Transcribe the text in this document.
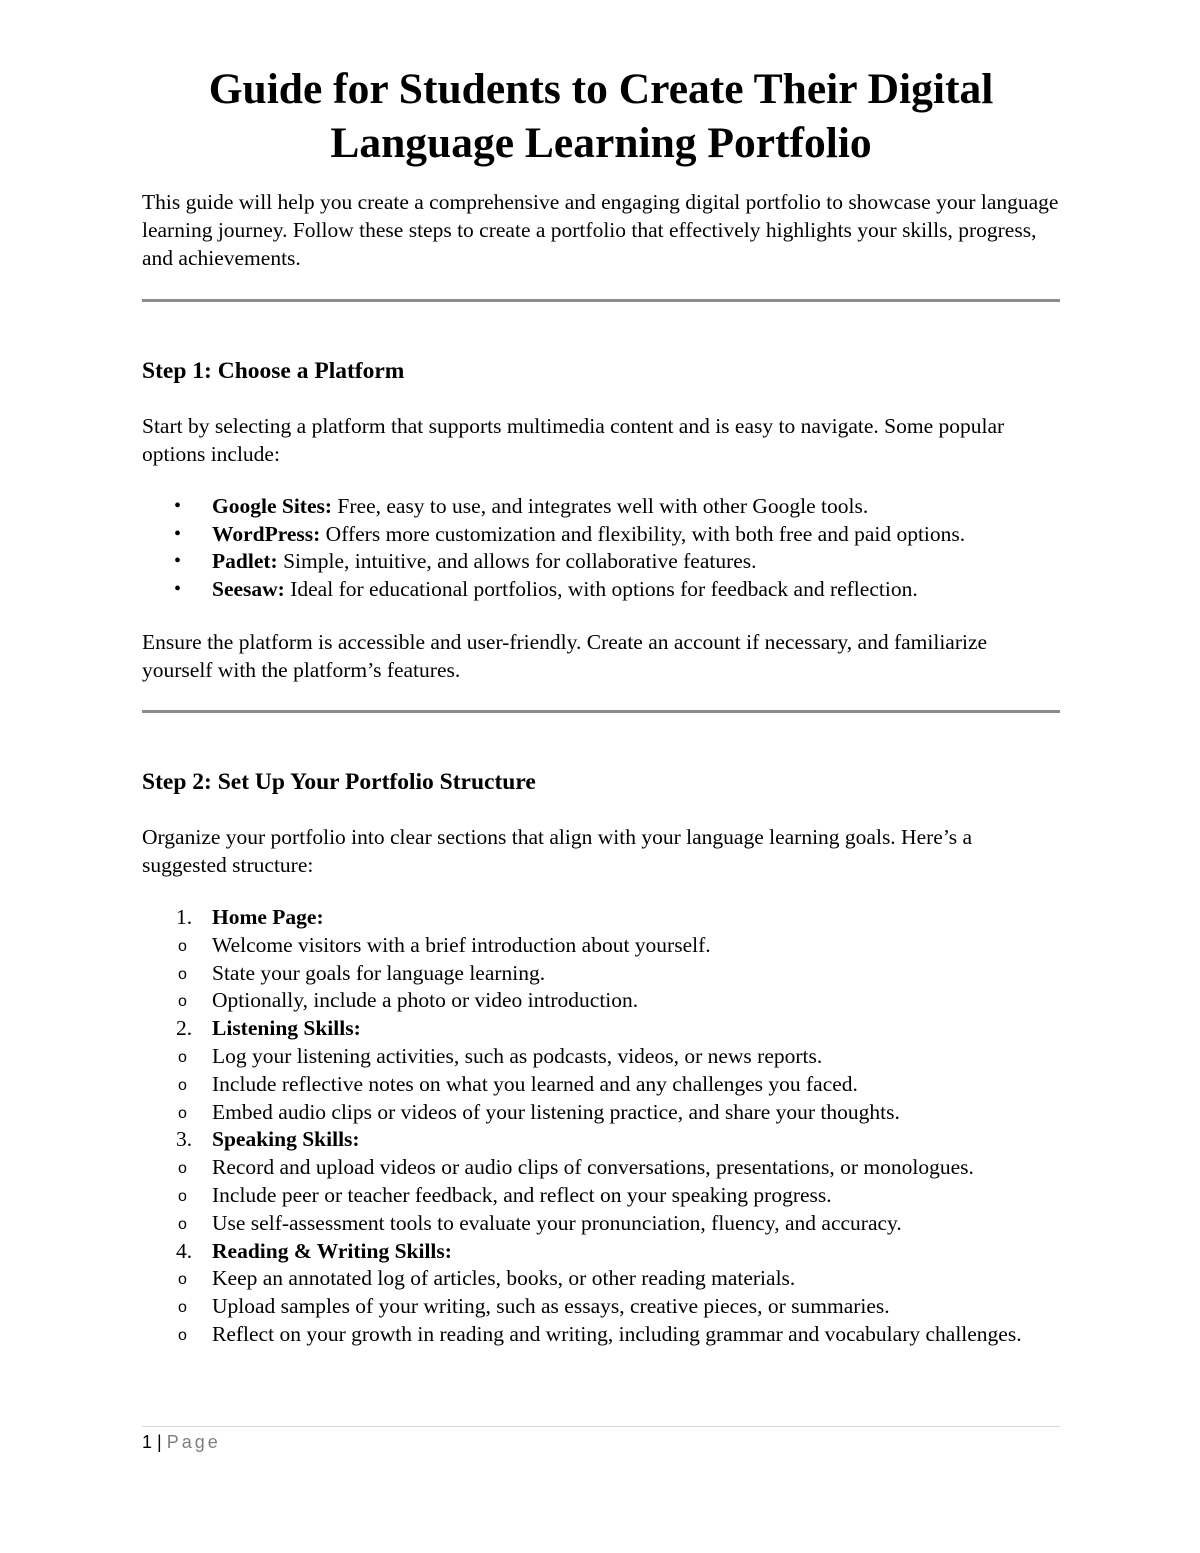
Guide for Students to Create Their Digital Language Learning Portfolio

This guide will help you create a comprehensive and engaging digital portfolio to showcase your language learning journey. Follow these steps to create a portfolio that effectively highlights your skills, progress, and achievements.

Step 1: Choose a Platform

Start by selecting a platform that supports multimedia content and is easy to navigate. Some popular options include:

• Google Sites: Free, easy to use, and integrates well with other Google tools.
• WordPress: Offers more customization and flexibility, with both free and paid options.
• Padlet: Simple, intuitive, and allows for collaborative features.
• Seesaw: Ideal for educational portfolios, with options for feedback and reflection.

Ensure the platform is accessible and user-friendly. Create an account if necessary, and familiarize yourself with the platform’s features.

Step 2: Set Up Your Portfolio Structure

Organize your portfolio into clear sections that align with your language learning goals. Here’s a suggested structure:

1. Home Page:
o Welcome visitors with a brief introduction about yourself.
o State your goals for language learning.
o Optionally, include a photo or video introduction.
2. Listening Skills:
o Log your listening activities, such as podcasts, videos, or news reports.
o Include reflective notes on what you learned and any challenges you faced.
o Embed audio clips or videos of your listening practice, and share your thoughts.
3. Speaking Skills:
o Record and upload videos or audio clips of conversations, presentations, or monologues.
o Include peer or teacher feedback, and reflect on your speaking progress.
o Use self-assessment tools to evaluate your pronunciation, fluency, and accuracy.
4. Reading & Writing Skills:
o Keep an annotated log of articles, books, or other reading materials.
o Upload samples of your writing, such as essays, creative pieces, or summaries.
o Reflect on your growth in reading and writing, including grammar and vocabulary challenges.
1 | Page
